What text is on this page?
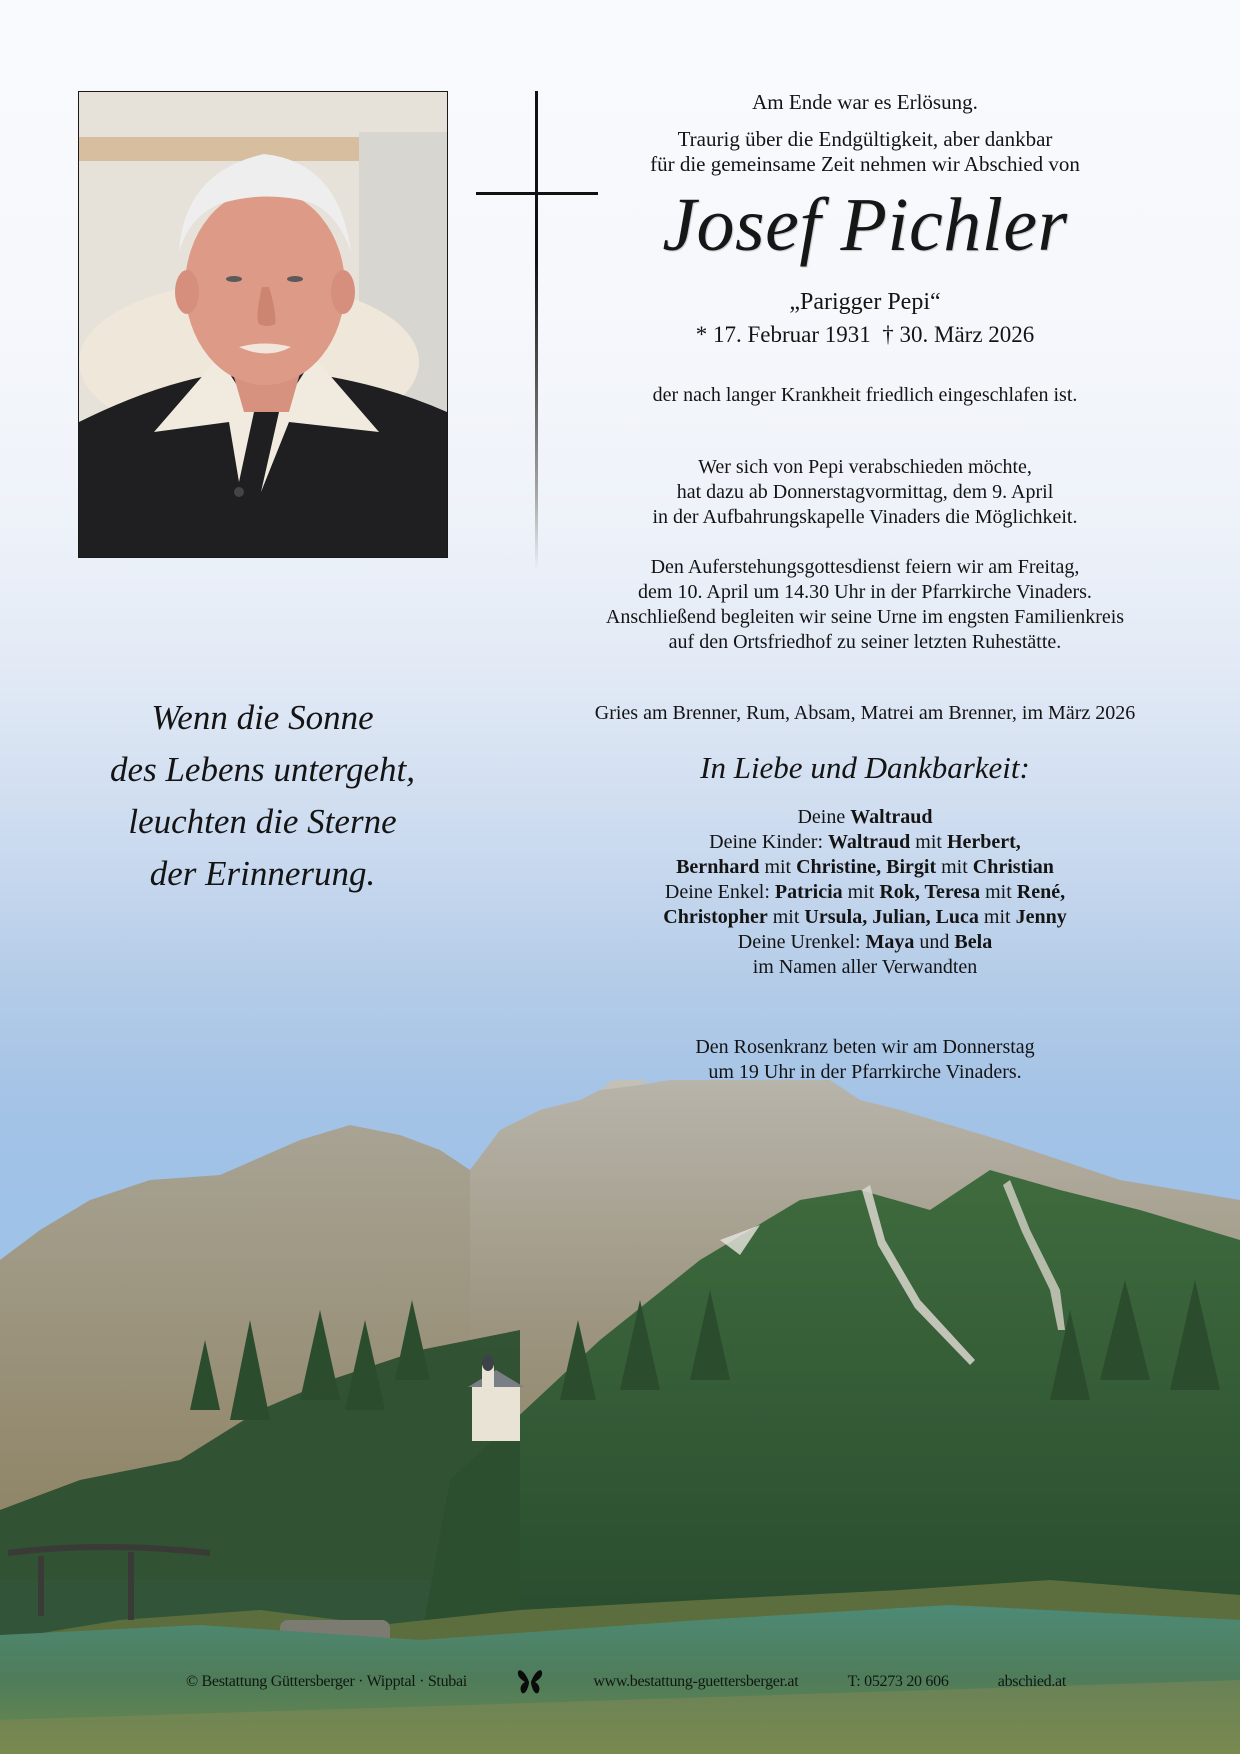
Am Ende war es Erlösung.
Traurig über die Endgültigkeit, aber dankbar
für die gemeinsame Zeit nehmen wir Abschied von
Josef Pichler
„Parigger Pepi“
* 17. Februar 1931  † 30. März 2026
der nach langer Krankheit friedlich eingeschlafen ist.
Wer sich von Pepi verabschieden möchte,
hat dazu ab Donnerstagvormittag, dem 9. April
in der Aufbahrungskapelle Vinaders die Möglichkeit.
Den Auferstehungsgottesdienst feiern wir am Freitag,
dem 10. April um 14.30 Uhr in der Pfarrkirche Vinaders.
Anschließend begleiten wir seine Urne im engsten Familienkreis
auf den Ortsfriedhof zu seiner letzten Ruhestätte.
Gries am Brenner, Rum, Absam, Matrei am Brenner, im März 2026
In Liebe und Dankbarkeit:
Deine Waltraud
Deine Kinder: Waltraud mit Herbert,
Bernhard mit Christine, Birgit mit Christian
Deine Enkel: Patricia mit Rok, Teresa mit René,
Christopher mit Ursula, Julian, Luca mit Jenny
Deine Urenkel: Maya und Bela
im Namen aller Verwandten
Den Rosenkranz beten wir am Donnerstag
um 19 Uhr in der Pfarrkirche Vinaders.
Wenn die Sonne
des Lebens untergeht,
leuchten die Sterne
der Erinnerung.
© Bestattung Güttersberger · Wipptal · Stubai	www.bestattung-guettersberger.at	T: 05273 20 606	abschied.at
